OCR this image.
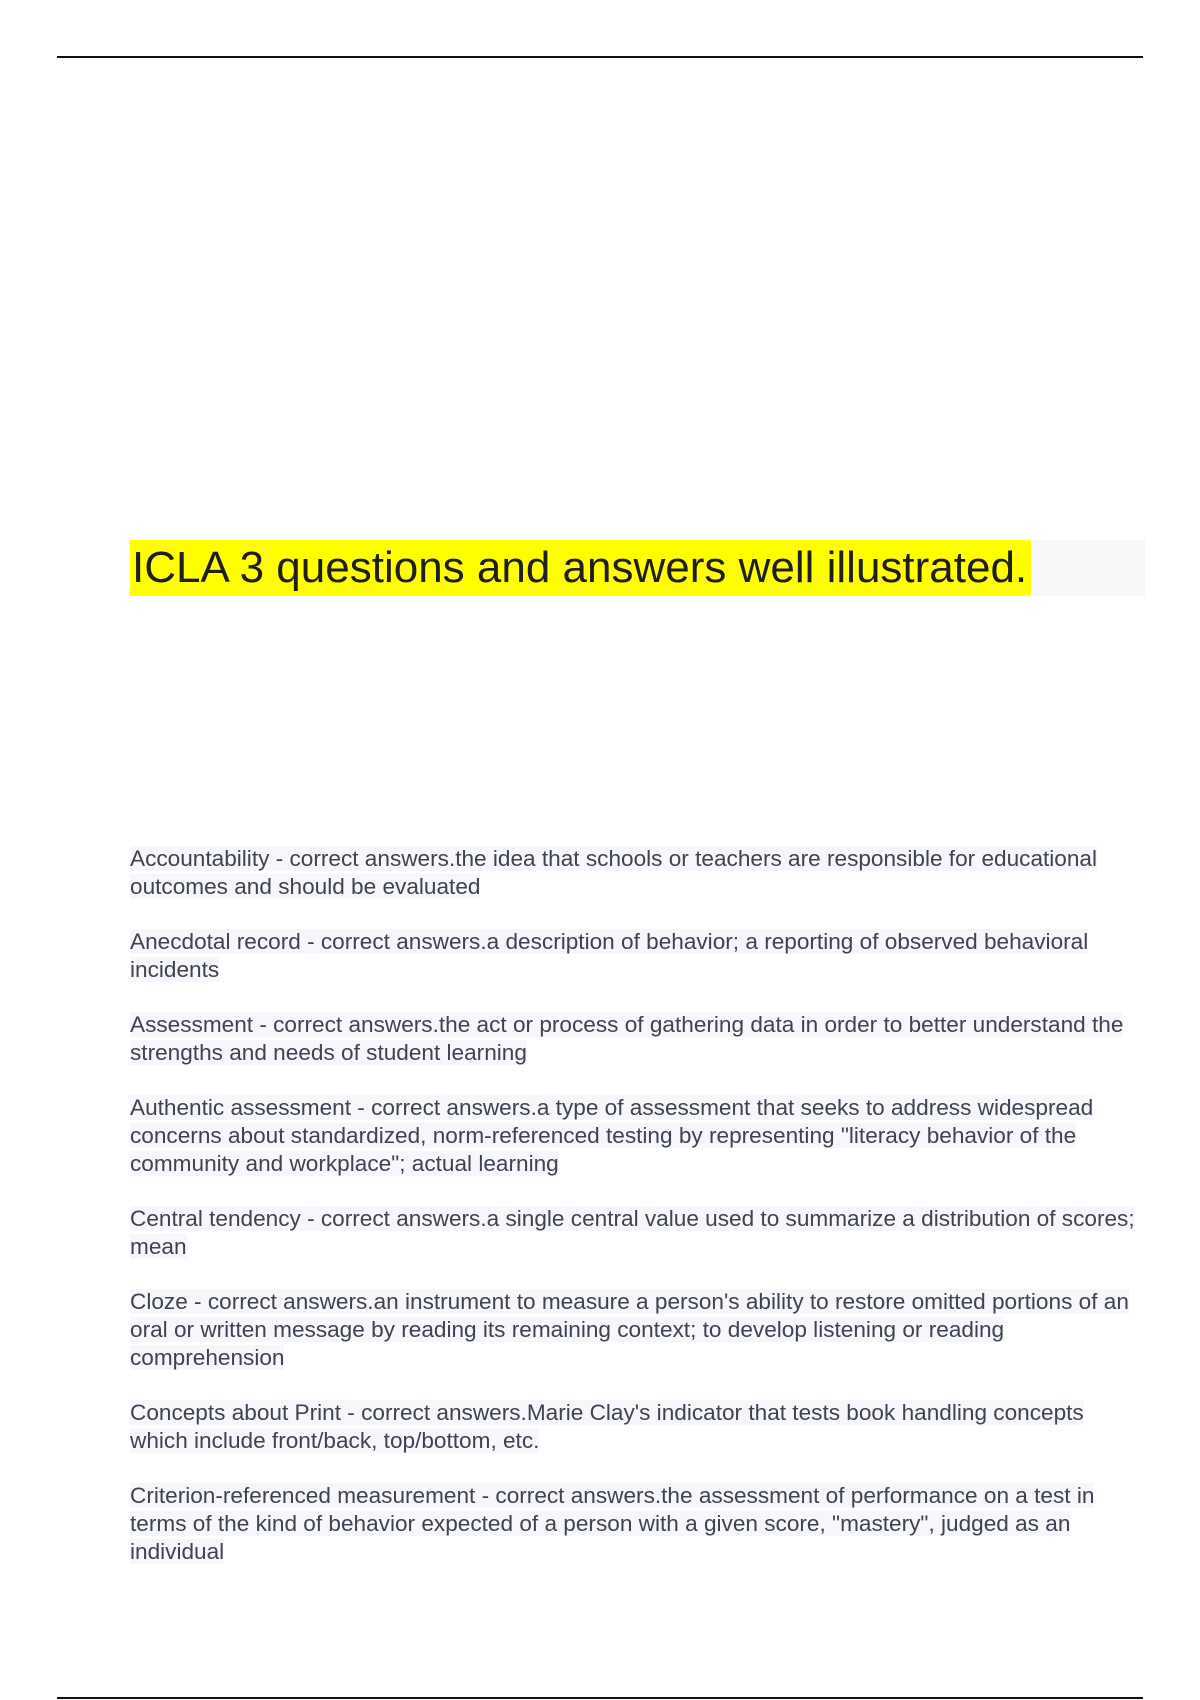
ICLA 3 questions and answers well illustrated.

Accountability - correct answers.the idea that schools or teachers are responsible for educational outcomes and should be evaluated

Anecdotal record - correct answers.a description of behavior; a reporting of observed behavioral incidents

Assessment - correct answers.the act or process of gathering data in order to better understand the strengths and needs of student learning

Authentic assessment - correct answers.a type of assessment that seeks to address widespread concerns about standardized, norm-referenced testing by representing "literacy behavior of the community and workplace"; actual learning

Central tendency - correct answers.a single central value used to summarize a distribution of scores; mean

Cloze - correct answers.an instrument to measure a person's ability to restore omitted portions of an oral or written message by reading its remaining context; to develop listening or reading comprehension

Concepts about Print - correct answers.Marie Clay's indicator that tests book handling concepts which include front/back, top/bottom, etc.

Criterion-referenced measurement - correct answers.the assessment of performance on a test in terms of the kind of behavior expected of a person with a given score, "mastery", judged as an individual
